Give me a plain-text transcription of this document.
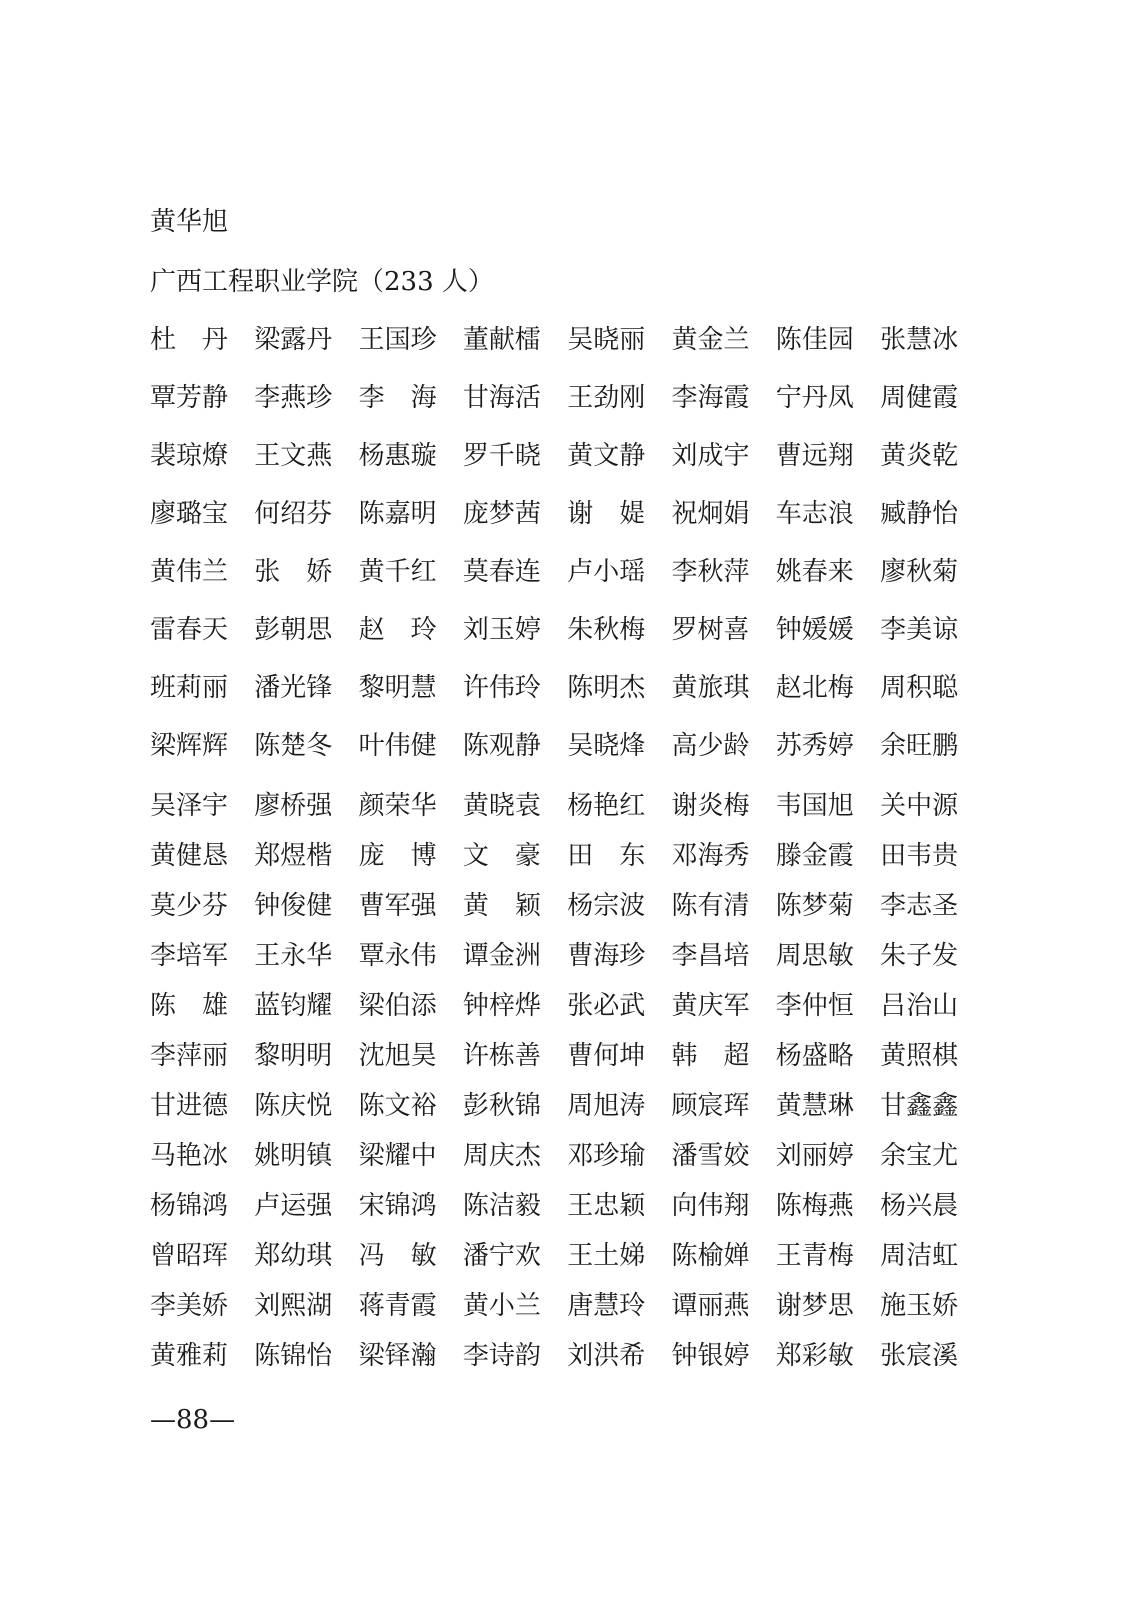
黄华旭
广西工程职业学院（233 人）
杜　丹 梁露丹 王国珍 董献檑 吴晓丽 黄金兰 陈佳园 张慧冰
覃芳静 李燕珍 李　海 甘海活 王劲刚 李海霞 宁丹凤 周健霞
裴琼燎 王文燕 杨惠璇 罗千晓 黄文静 刘成宇 曹远翔 黄炎乾
廖璐宝 何绍芬 陈嘉明 庞梦茜 谢　媞 祝炯娟 车志浪 臧静怡
黄伟兰 张　娇 黄千红 莫春连 卢小瑶 李秋萍 姚春来 廖秋菊
雷春天 彭朝思 赵　玲 刘玉婷 朱秋梅 罗树喜 钟媛媛 李美谅
班莉丽 潘光锋 黎明慧 许伟玲 陈明杰 黄旅琪 赵北梅 周积聪
梁辉辉 陈楚冬 叶伟健 陈观静 吴晓烽 高少龄 苏秀婷 余旺鹏
吴泽宇 廖桥强 颜荣华 黄晓袁 杨艳红 谢炎梅 韦国旭 关中源
黄健恳 郑煜楷 庞　博 文　豪 田　东 邓海秀 滕金霞 田韦贵
莫少芬 钟俊健 曹军强 黄　颖 杨宗波 陈有清 陈梦菊 李志圣
李培军 王永华 覃永伟 谭金洲 曹海珍 李昌培 周思敏 朱子发
陈　雄 蓝钧耀 梁伯添 钟梓烨 张必武 黄庆军 李仲恒 吕治山
李萍丽 黎明明 沈旭昊 许栋善 曹何坤 韩　超 杨盛略 黄照棋
甘进德 陈庆悦 陈文裕 彭秋锦 周旭涛 顾宸珲 黄慧琳 甘鑫鑫
马艳冰 姚明镇 梁耀中 周庆杰 邓珍瑜 潘雪姣 刘丽婷 余宝尤
杨锦鸿 卢运强 宋锦鸿 陈洁毅 王忠颖 向伟翔 陈梅燕 杨兴晨
曾昭珲 郑幼琪 冯　敏 潘宁欢 王土娣 陈榆婵 王青梅 周洁虹
李美娇 刘熙湖 蒋青霞 黄小兰 唐慧玲 谭丽燕 谢梦思 施玉娇
黄雅莉 陈锦怡 梁铎瀚 李诗韵 刘洪希 钟银婷 郑彩敏 张宸溪
—88—
